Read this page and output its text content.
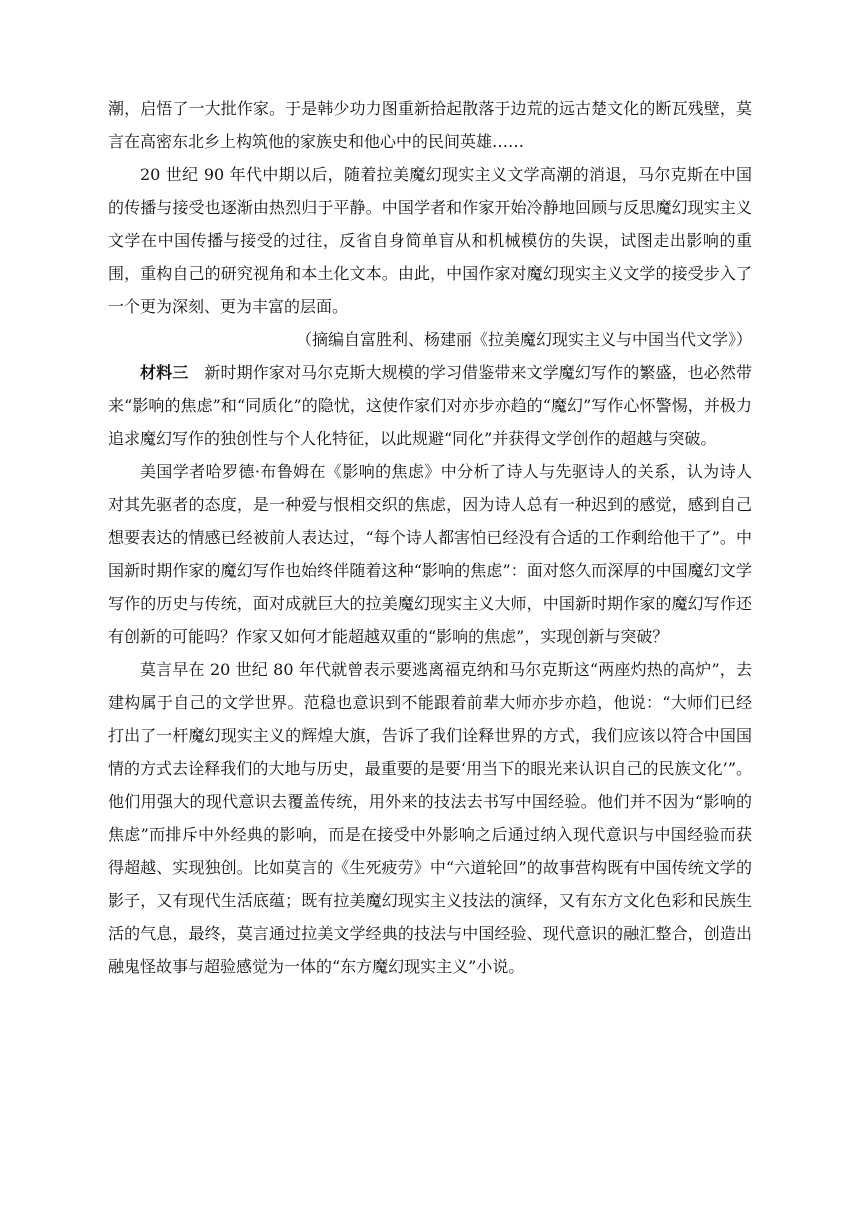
潮，启悟了一大批作家。于是韩少功力图重新拾起散落于边荒的远古楚文化的断瓦残壁，莫言在高密东北乡上构筑他的家族史和他心中的民间英雄……

20 世纪 90 年代中期以后，随着拉美魔幻现实主义文学高潮的消退，马尔克斯在中国的传播与接受也逐渐由热烈归于平静。中国学者和作家开始冷静地回顾与反思魔幻现实主义文学在中国传播与接受的过往，反省自身简单盲从和机械模仿的失误，试图走出影响的重围，重构自己的研究视角和本土化文本。由此，中国作家对魔幻现实主义文学的接受步入了一个更为深刻、更为丰富的层面。

（摘编自富胜利、杨建丽《拉美魔幻现实主义与中国当代文学》）

材料三 新时期作家对马尔克斯大规模的学习借鉴带来文学魔幻写作的繁盛，也必然带来“影响的焦虑”和“同质化”的隐忧，这使作家们对亦步亦趋的“魔幻”写作心怀警惕，并极力追求魔幻写作的独创性与个人化特征，以此规避“同化”并获得文学创作的超越与突破。

美国学者哈罗德·布鲁姆在《影响的焦虑》中分析了诗人与先驱诗人的关系，认为诗人对其先驱者的态度，是一种爱与恨相交织的焦虑，因为诗人总有一种迟到的感觉，感到自己想要表达的情感已经被前人表达过，“每个诗人都害怕已经没有合适的工作剩给他干了”。中国新时期作家的魔幻写作也始终伴随着这种“影响的焦虑”：面对悠久而深厚的中国魔幻文学写作的历史与传统，面对成就巨大的拉美魔幻现实主义大师，中国新时期作家的魔幻写作还有创新的可能吗？作家又如何才能超越双重的“影响的焦虑”，实现创新与突破？

莫言早在 20 世纪 80 年代就曾表示要逃离福克纳和马尔克斯这“两座灼热的高炉”，去建构属于自己的文学世界。范稳也意识到不能跟着前辈大师亦步亦趋，他说：“大师们已经打出了一杆魔幻现实主义的辉煌大旗，告诉了我们诠释世界的方式，我们应该以符合中国国情的方式去诠释我们的大地与历史，最重要的是要‘用当下的眼光来认识自己的民族文化’”。他们用强大的现代意识去覆盖传统，用外来的技法去书写中国经验。他们并不因为“影响的焦虑”而排斥中外经典的影响，而是在接受中外影响之后通过纳入现代意识与中国经验而获得超越、实现独创。比如莫言的《生死疲劳》中“六道轮回”的故事营构既有中国传统文学的影子，又有现代生活底蕴；既有拉美魔幻现实主义技法的演绎，又有东方文化色彩和民族生活的气息，最终，莫言通过拉美文学经典的技法与中国经验、现代意识的融汇整合，创造出融鬼怪故事与超验感觉为一体的“东方魔幻现实主义”小说。
